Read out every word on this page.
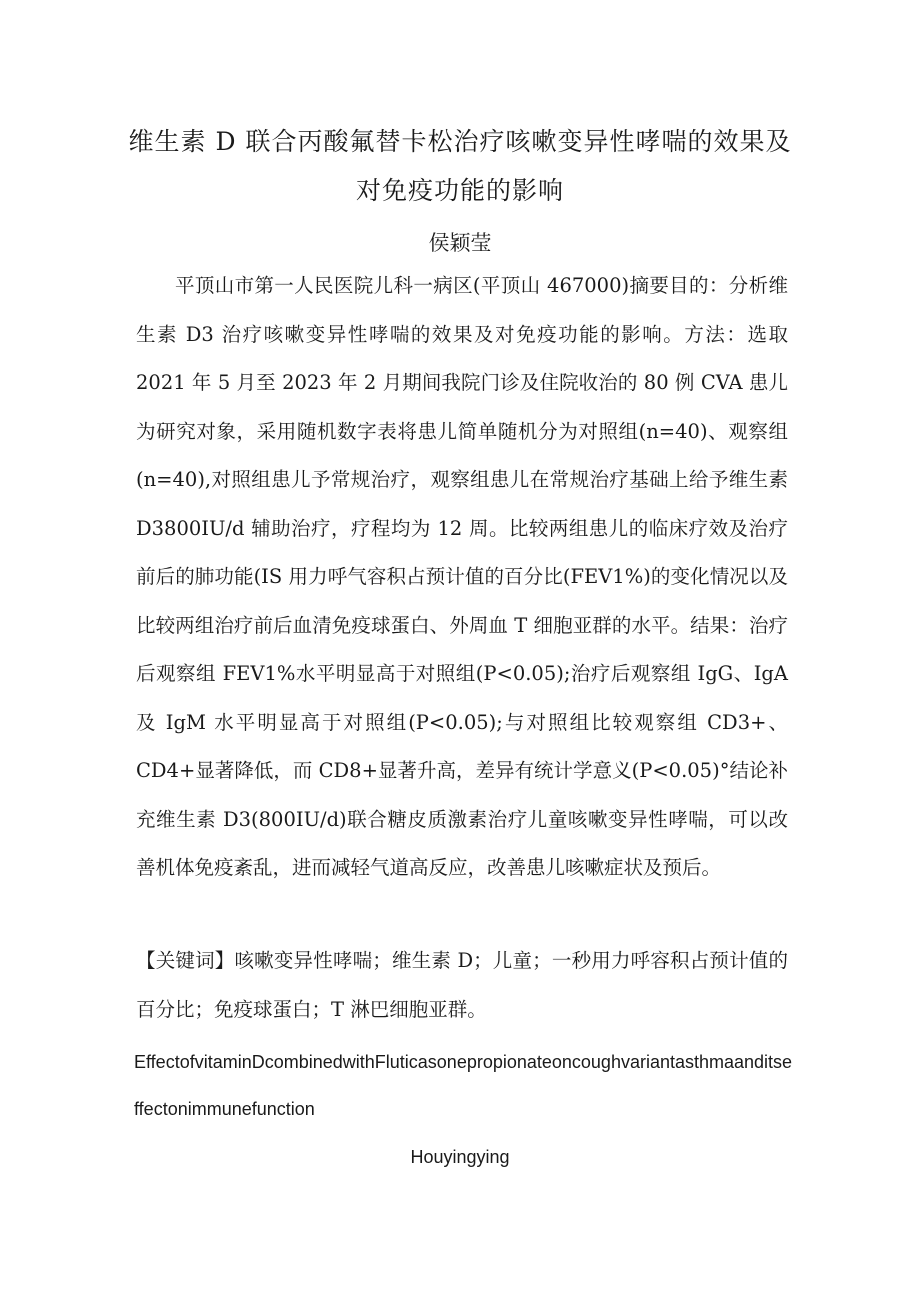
维生素 D 联合丙酸氟替卡松治疗咳嗽变异性哮喘的效果及
对免疫功能的影响
侯颖莹
平顶山市第一人民医院儿科一病区(平顶山 467000)摘要目的：分析维生素 D3 治疗咳嗽变异性哮喘的效果及对免疫功能的影响。方法：选取 2021 年 5 月至 2023 年 2 月期间我院门诊及住院收治的 80 例 CVA 患儿为研究对象，采用随机数字表将患儿简单随机分为对照组(n=40)、观察组(n=40),对照组患儿予常规治疗，观察组患儿在常规治疗基础上给予维生素 D3800IU/d 辅助治疗，疗程均为 12 周。比较两组患儿的临床疗效及治疗前后的肺功能(IS 用力呼气容积占预计值的百分比(FEV1%)的变化情况以及比较两组治疗前后血清免疫球蛋白、外周血 T 细胞亚群的水平。结果：治疗后观察组 FEV1%水平明显高于对照组(P<0.05);治疗后观察组 IgG、IgA 及 IgM 水平明显高于对照组(P<0.05);与对照组比较观察组 CD3+、CD4+显著降低，而 CD8+显著升高，差异有统计学意义(P<0.05)°结论补充维生素 D3(800IU/d)联合糖皮质激素治疗儿童咳嗽变异性哮喘，可以改善机体免疫紊乱，进而减轻气道高反应，改善患儿咳嗽症状及预后。
【关键词】咳嗽变异性哮喘；维生素 D；儿童；一秒用力呼容积占预计值的百分比；免疫球蛋白；T 淋巴细胞亚群。
EffectofvitaminDcombinedwithFluticasonepropionateoncoughvariantasthmaanditseffectonimmunefunction
Houyingying
